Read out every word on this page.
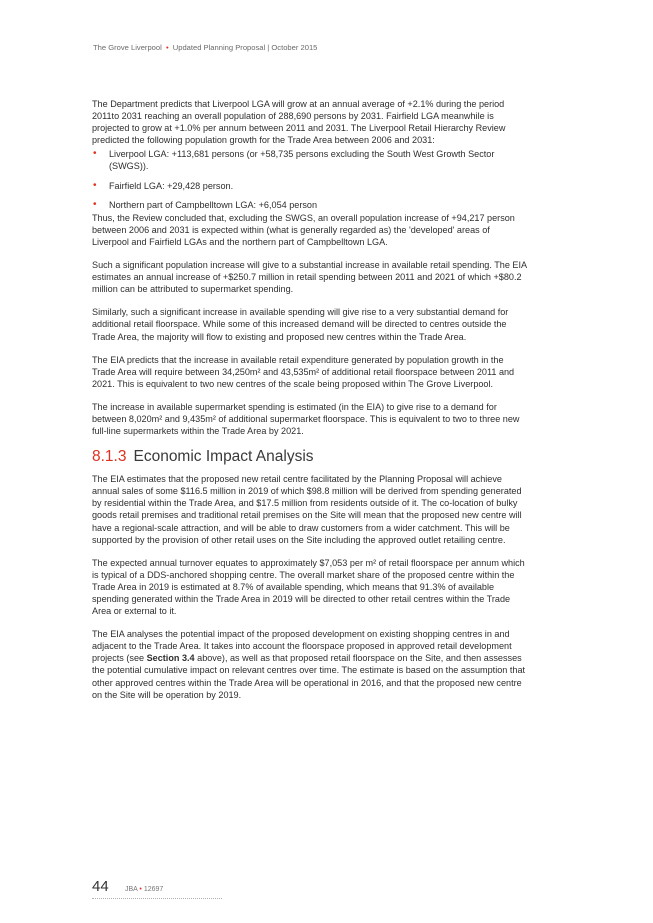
The Grove Liverpool • Updated Planning Proposal | October 2015

The Department predicts that Liverpool LGA will grow at an annual average of +2.1% during the period 2011to 2031 reaching an overall population of 288,690 persons by 2031. Fairfield LGA meanwhile is projected to grow at +1.0% per annum between 2011 and 2031. The Liverpool Retail Hierarchy Review predicted the following population growth for the Trade Area between 2006 and 2031:

• Liverpool LGA: +113,681 persons (or +58,735 persons excluding the South West Growth Sector (SWGS)).
• Fairfield LGA: +29,428 person.
• Northern part of Campbelltown LGA: +6,054 person

Thus, the Review concluded that, excluding the SWGS, an overall population increase of +94,217 person between 2006 and 2031 is expected within (what is generally regarded as) the 'developed' areas of Liverpool and Fairfield LGAs and the northern part of Campbelltown LGA.

Such a significant population increase will give to a substantial increase in available retail spending. The EIA estimates an annual increase of +$250.7 million in retail spending between 2011 and 2021 of which +$80.2 million can be attributed to supermarket spending.

Similarly, such a significant increase in available spending will give rise to a very substantial demand for additional retail floorspace. While some of this increased demand will be directed to centres outside the Trade Area, the majority will flow to existing and proposed new centres within the Trade Area.

The EIA predicts that the increase in available retail expenditure generated by population growth in the Trade Area will require between 34,250m² and 43,535m² of additional retail floorspace between 2011 and 2021. This is equivalent to two new centres of the scale being proposed within The Grove Liverpool.

The increase in available supermarket spending is estimated (in the EIA) to give rise to a demand for between 8,020m² and 9,435m² of additional supermarket floorspace. This is equivalent to two to three new full-line supermarkets within the Trade Area by 2021.

8.1.3 Economic Impact Analysis

The EIA estimates that the proposed new retail centre facilitated by the Planning Proposal will achieve annual sales of some $116.5 million in 2019 of which $98.8 million will be derived from spending generated by residential within the Trade Area, and $17.5 million from residents outside of it. The co-location of bulky goods retail premises and traditional retail premises on the Site will mean that the proposed new centre will have a regional-scale attraction, and will be able to draw customers from a wider catchment. This will be supported by the provision of other retail uses on the Site including the approved outlet retailing centre.

The expected annual turnover equates to approximately $7,053 per m² of retail floorspace per annum which is typical of a DDS-anchored shopping centre. The overall market share of the proposed centre within the Trade Area in 2019 is estimated at 8.7% of available spending, which means that 91.3% of available spending generated within the Trade Area in 2019 will be directed to other retail centres within the Trade Area or external to it.

The EIA analyses the potential impact of the proposed development on existing shopping centres in and adjacent to the Trade Area. It takes into account the floorspace proposed in approved retail development projects (see Section 3.4 above), as well as that proposed retail floorspace on the Site, and then assesses the potential cumulative impact on relevant centres over time. The estimate is based on the assumption that other approved centres within the Trade Area will be operational in 2016, and that the proposed new centre on the Site will be operation by 2019.

44 JBA • 12697
